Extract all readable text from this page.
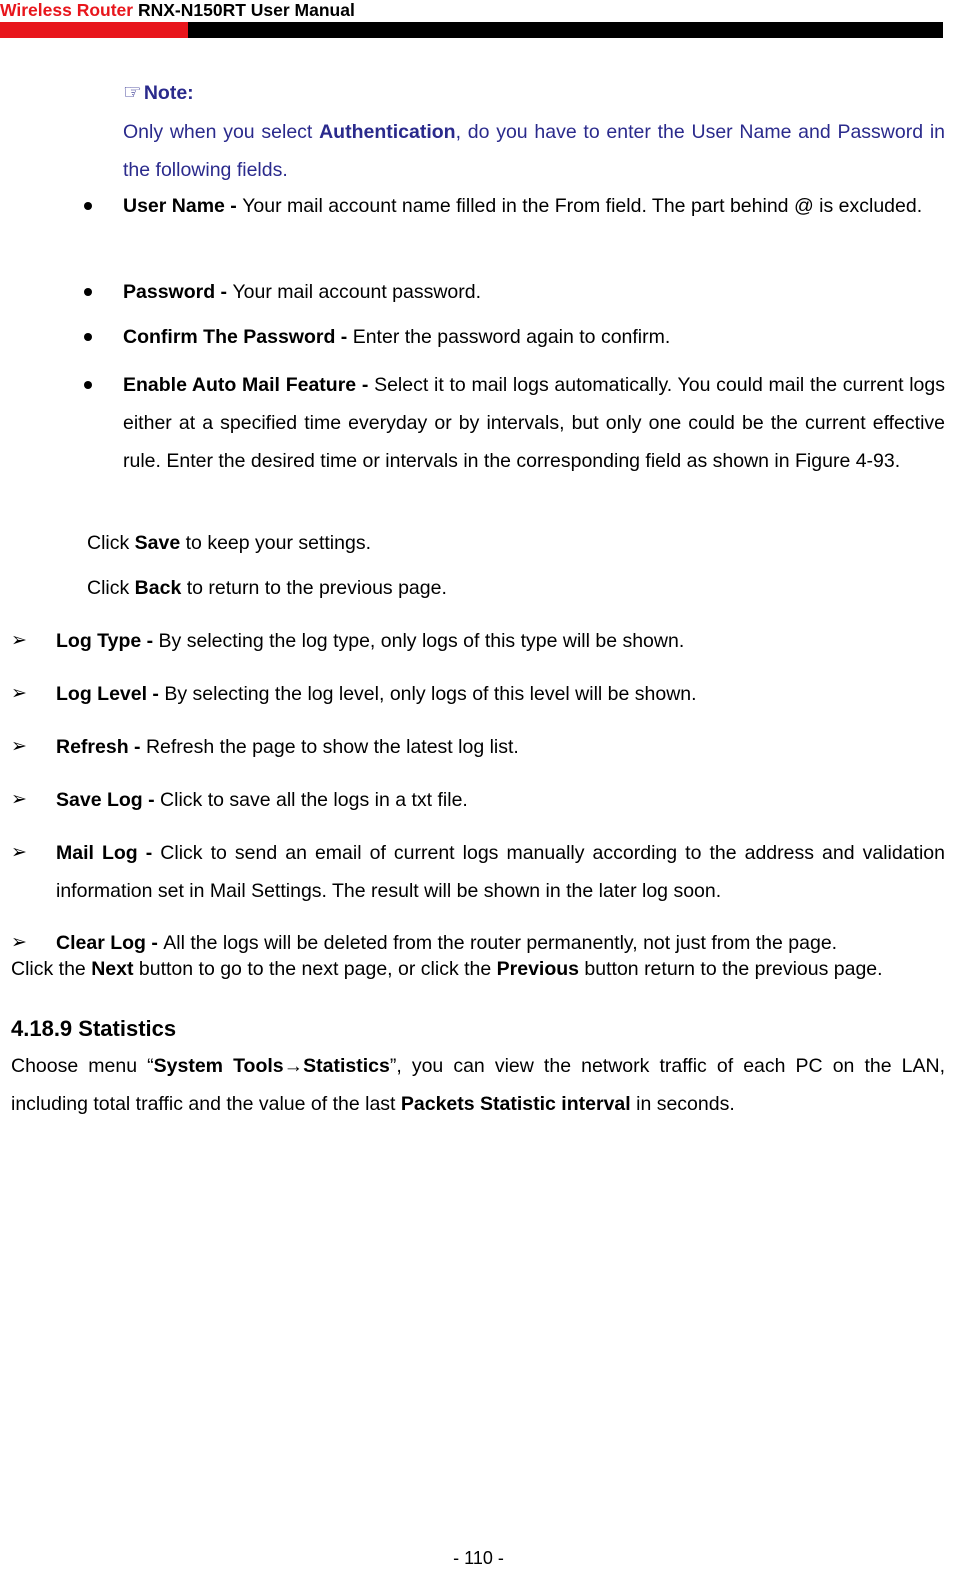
Wireless Router RNX-N150RT User Manual
☞ Note:
Only when you select Authentication, do you have to enter the User Name and Password in the following fields.
User Name - Your mail account name filled in the From field. The part behind @ is excluded.
Password - Your mail account password.
Confirm The Password - Enter the password again to confirm.
Enable Auto Mail Feature - Select it to mail logs automatically. You could mail the current logs either at a specified time everyday or by intervals, but only one could be the current effective rule. Enter the desired time or intervals in the corresponding field as shown in Figure 4-93.
Click Save to keep your settings.
Click Back to return to the previous page.
➢ Log Type - By selecting the log type, only logs of this type will be shown.
➢ Log Level - By selecting the log level, only logs of this level will be shown.
➢ Refresh - Refresh the page to show the latest log list.
➢ Save Log - Click to save all the logs in a txt file.
➢ Mail Log - Click to send an email of current logs manually according to the address and validation information set in Mail Settings. The result will be shown in the later log soon.
➢ Clear Log - All the logs will be deleted from the router permanently, not just from the page.
Click the Next button to go to the next page, or click the Previous button return to the previous page.
4.18.9 Statistics
Choose menu “System Tools→Statistics”, you can view the network traffic of each PC on the LAN, including total traffic and the value of the last Packets Statistic interval in seconds.
- 110 -
